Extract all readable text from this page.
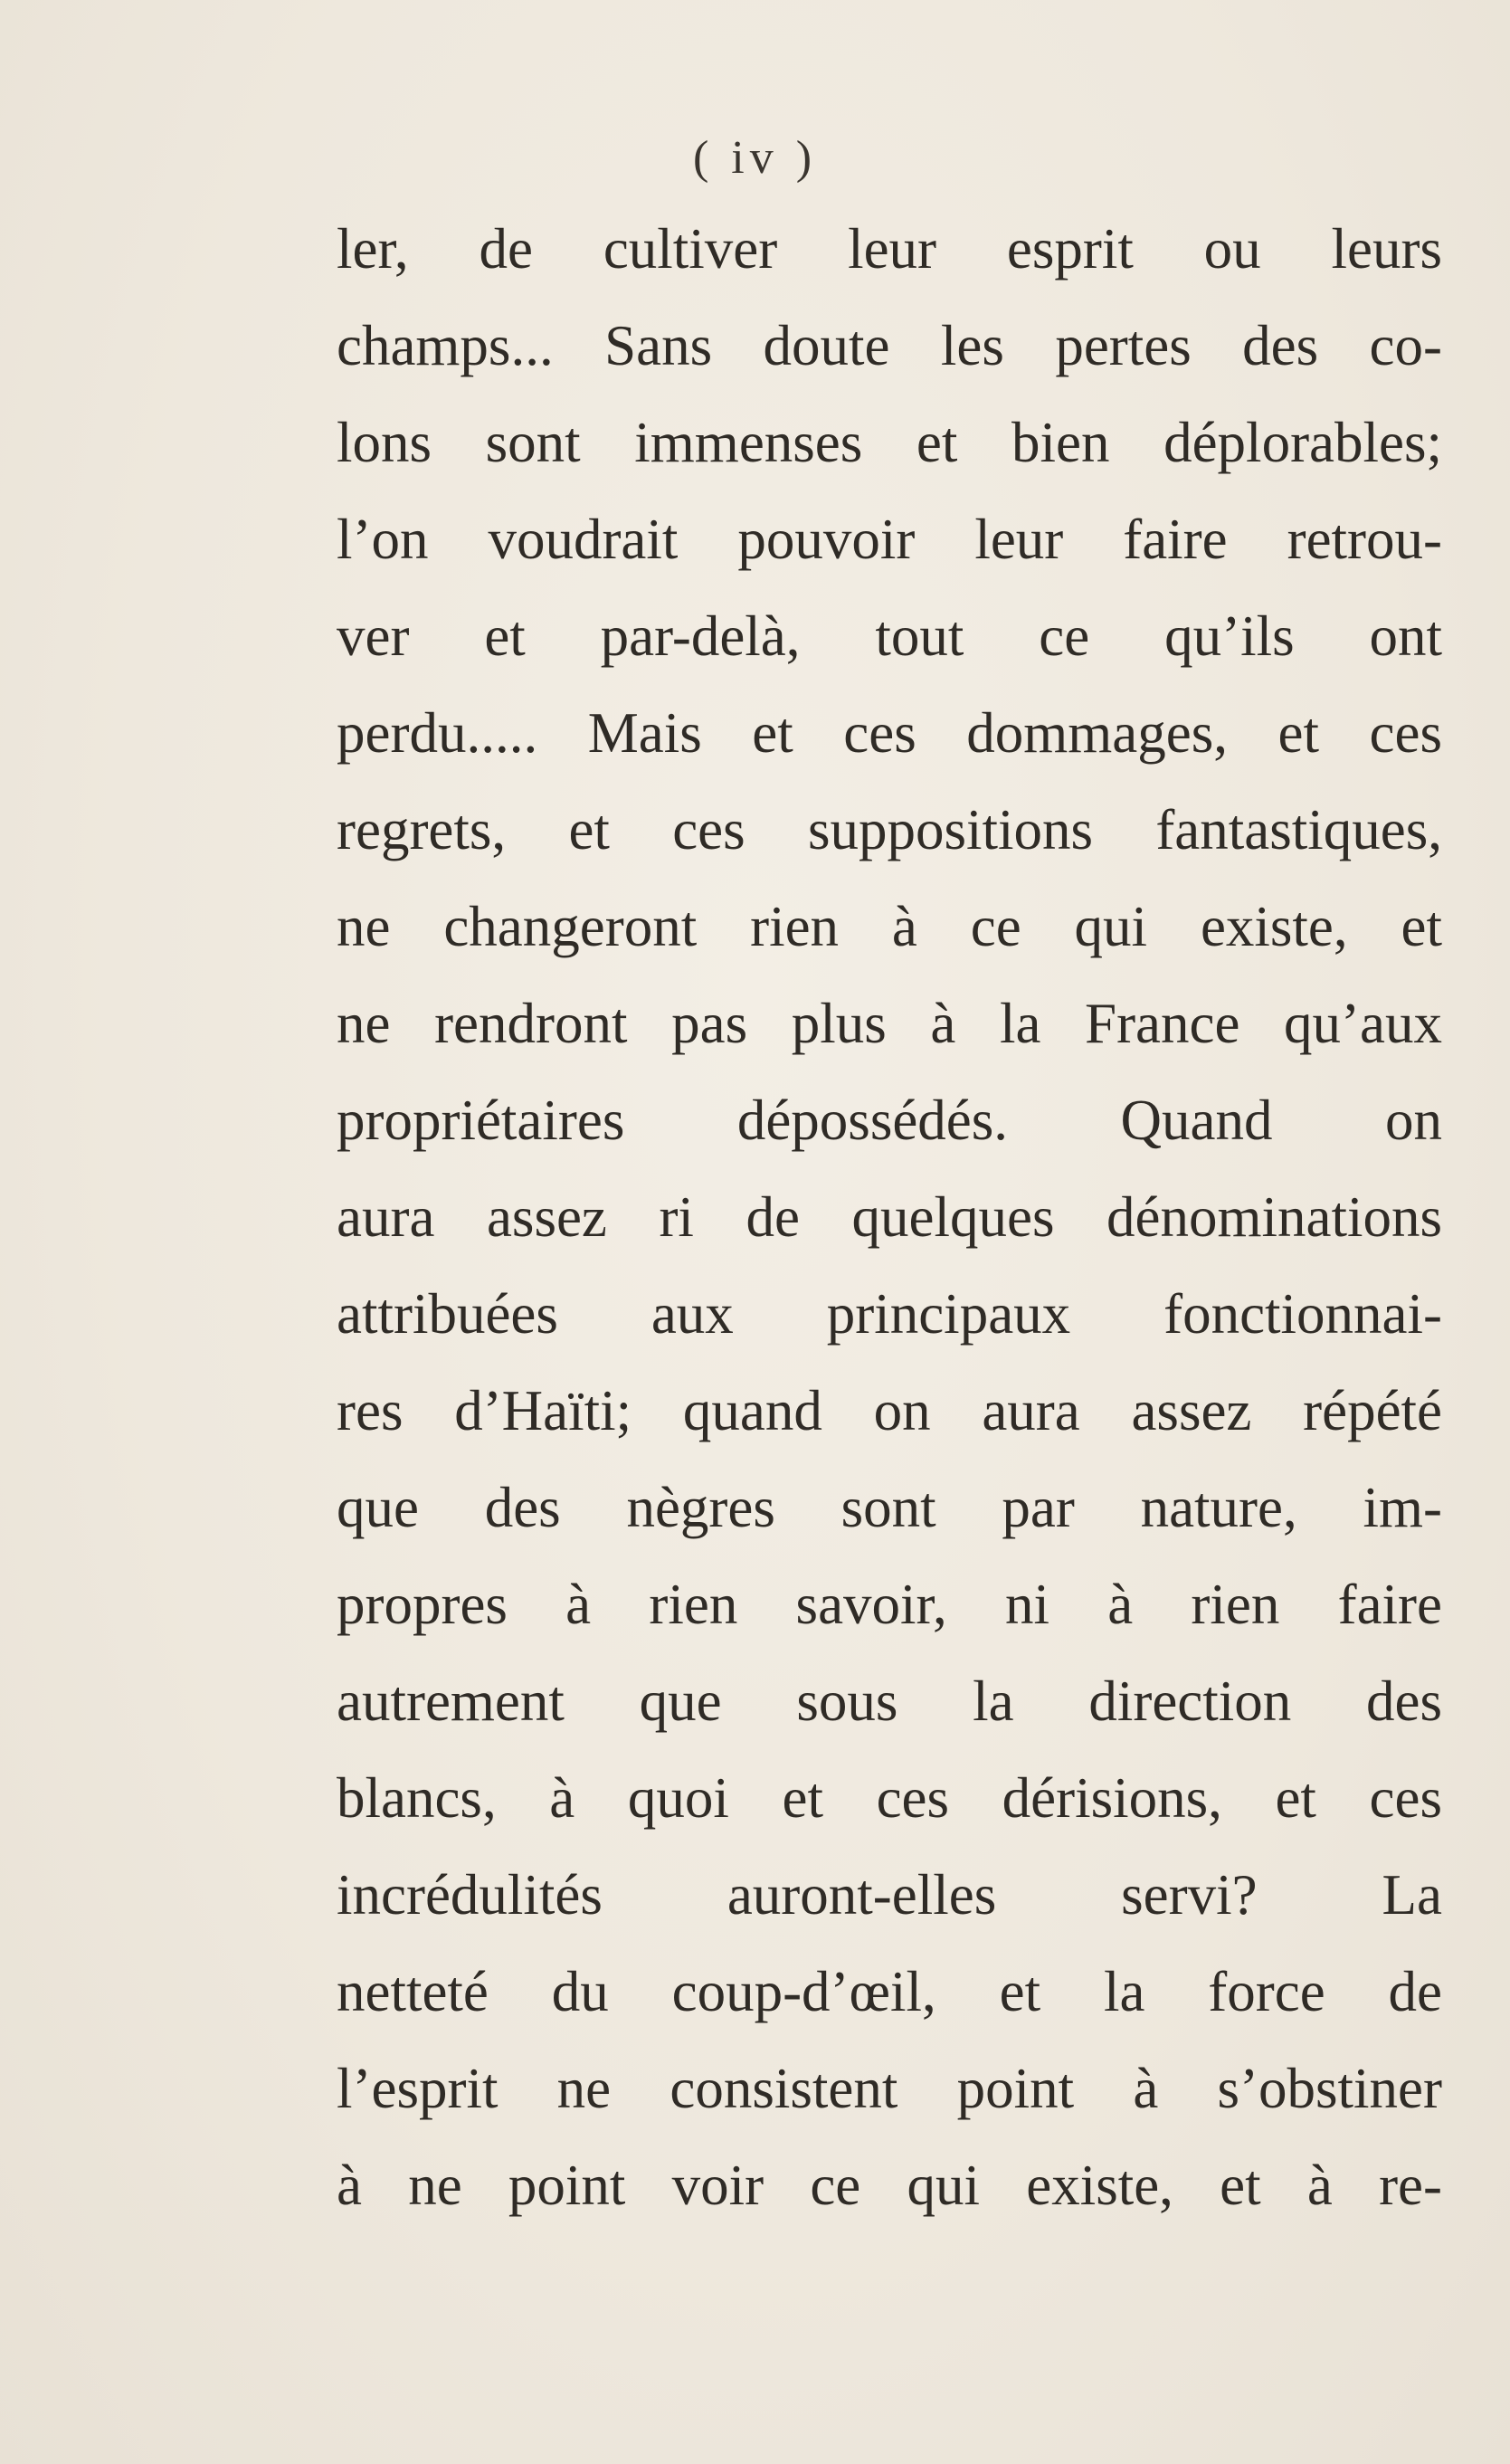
( iv )
ler, de cultiver leur esprit ou leurs
champs... Sans doute les pertes des co-
lons sont immenses et bien déplorables;
l’on voudrait pouvoir leur faire retrou-
ver et par-delà, tout ce qu’ils ont
perdu..... Mais et ces dommages, et ces
regrets, et ces suppositions fantastiques,
ne changeront rien à ce qui existe, et
ne rendront pas plus à la France qu’aux
propriétaires dépossédés. Quand on
aura assez ri de quelques dénominations
attribuées aux principaux fonctionnai-
res d’Haïti; quand on aura assez répété
que des nègres sont par nature, im-
propres à rien savoir, ni à rien faire
autrement que sous la direction des
blancs, à quoi et ces dérisions, et ces
incrédulités auront-elles servi? La
netteté du coup-d’œil, et la force de
l’esprit ne consistent point à s’obstiner
à ne point voir ce qui existe, et à re-
